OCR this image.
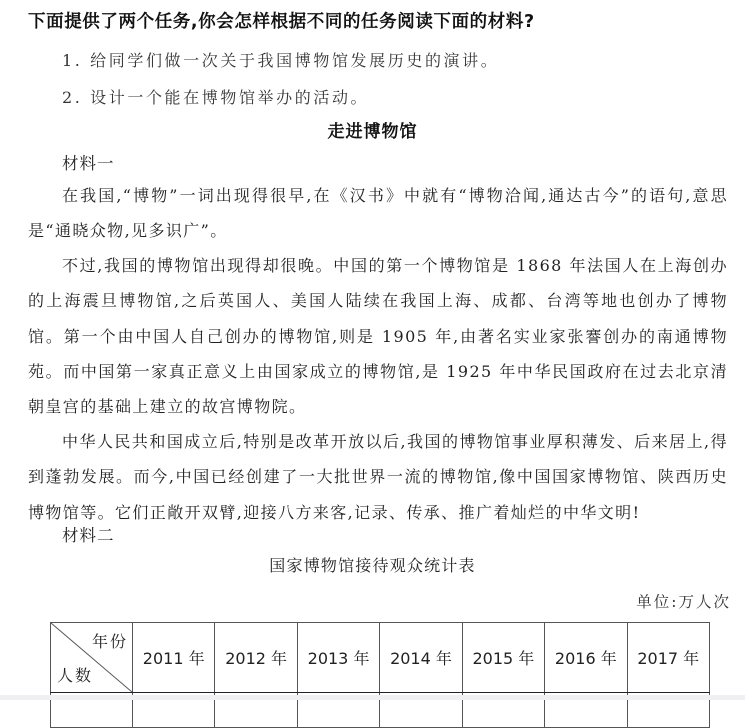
下面提供了两个任务,你会怎样根据不同的任务阅读下面的材料?
1. 给同学们做一次关于我国博物馆发展历史的演讲。
2. 设计一个能在博物馆举办的活动。
走进博物馆
材料一
在我国,“博物”一词出现得很早,在《汉书》中就有“博物洽闻,通达古今”的语句,意思是“通晓众物,见多识广”。
不过,我国的博物馆出现得却很晚。中国的第一个博物馆是 1868 年法国人在上海创办的上海震旦博物馆,之后英国人、美国人陆续在我国上海、成都、台湾等地也创办了博物馆。第一个由中国人自己创办的博物馆,则是 1905 年,由著名实业家张謇创办的南通博物苑。而中国第一家真正意义上由国家成立的博物馆,是 1925 年中华民国政府在过去北京清朝皇宫的基础上建立的故宫博物院。
中华人民共和国成立后,特别是改革开放以后,我国的博物馆事业厚积薄发、后来居上,得到蓬勃发展。而今,中国已经创建了一大批世界一流的博物馆,像中国国家博物馆、陕西历史博物馆等。它们正敞开双臂,迎接八方来客,记录、传承、推广着灿烂的中华文明!
材料二
国家博物馆接待观众统计表
单位:万人次
年份
人数	2011 年	2012 年	2013 年	2014 年	2015 年	2016 年	2017 年
